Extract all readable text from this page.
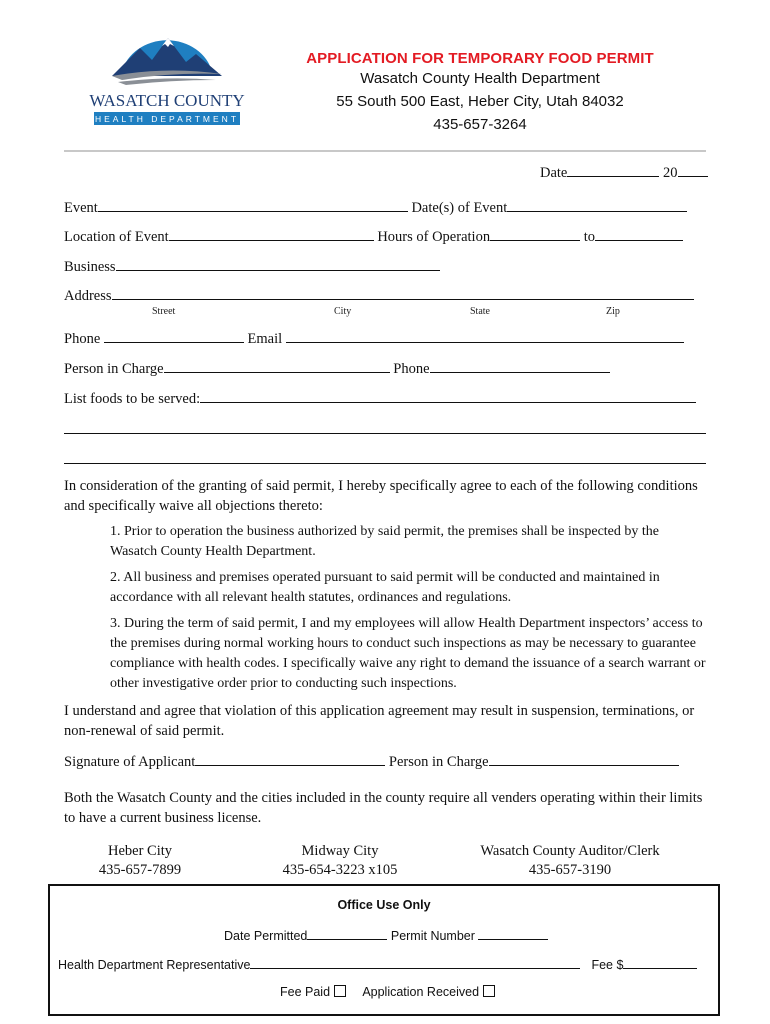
WASATCH COUNTY
HEALTH DEPARTMENT
APPLICATION FOR TEMPORARY FOOD PERMIT
Wasatch County Health Department
55 South 500 East, Heber City, Utah 84032
435-657-3264
Date	20
Event	Date(s) of Event
Location of Event	Hours of Operation	to
Business
Address
Street	City	State	Zip
Phone	Email
Person in Charge	Phone
List foods to be served:
In consideration of the granting of said permit, I hereby specifically agree to each of the following conditions and specifically waive all objections thereto:
1. Prior to operation the business authorized by said permit, the premises shall be inspected by the Wasatch County Health Department.
2. All business and premises operated pursuant to said permit will be conducted and maintained in accordance with all relevant health statutes, ordinances and regulations.
3. During the term of said permit, I and my employees will allow Health Department inspectors’ access to the premises during normal working hours to conduct such inspections as may be necessary to guarantee compliance with health codes. I specifically waive any right to demand the issuance of a search warrant or other investigative order prior to conducting such inspections.
I understand and agree that violation of this application agreement may result in suspension, terminations, or non-renewal of said permit.
Signature of Applicant	Person in Charge
Both the Wasatch County and the cities included in the county require all venders operating within their limits to have a current business license.
Heber City
435-657-7899
Midway City
435-654-3223 x105
Wasatch County Auditor/Clerk
435-657-3190
Office Use Only
Date Permitted	Permit Number
Health Department Representative	Fee $
Fee Paid	Application Received
